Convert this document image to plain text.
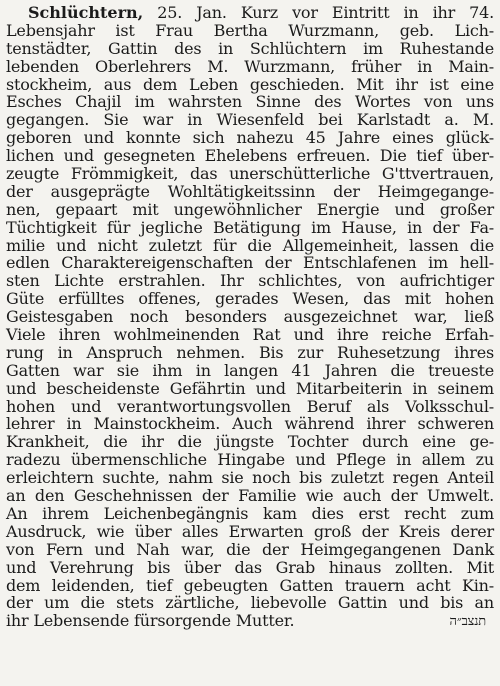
Schlüchtern, 25. Jan. Kurz vor Eintritt in ihr 74.
Lebensjahr ist Frau Bertha Wurzmann, geb. Lich-
tenstädter, Gattin des in Schlüchtern im Ruhestande
lebenden Oberlehrers M. Wurzmann, früher in Main-
stockheim, aus dem Leben geschieden. Mit ihr ist eine
Esches Chajil im wahrsten Sinne des Wortes von uns
gegangen. Sie war in Wiesenfeld bei Karlstadt a. M.
geboren und konnte sich nahezu 45 Jahre eines glück-
lichen und gesegneten Ehelebens erfreuen. Die tief über-
zeugte Frömmigkeit, das unerschütterliche G'ttvertrauen,
der ausgeprägte Wohltätigkeitssinn der Heimgegange-
nen, gepaart mit ungewöhnlicher Energie und großer
Tüchtigkeit für jegliche Betätigung im Hause, in der Fa-
milie und nicht zuletzt für die Allgemeinheit, lassen die
edlen Charaktereigenschaften der Entschlafenen im hell-
sten Lichte erstrahlen. Ihr schlichtes, von aufrichtiger
Güte erfülltes offenes, gerades Wesen, das mit hohen
Geistesgaben noch besonders ausgezeichnet war, ließ
Viele ihren wohlmeinenden Rat und ihre reiche Erfah-
rung in Anspruch nehmen. Bis zur Ruhesetzung ihres
Gatten war sie ihm in langen 41 Jahren die treueste
und bescheidenste Gefährtin und Mitarbeiterin in seinem
hohen und verantwortungsvollen Beruf als Volksschul-
lehrer in Mainstockheim. Auch während ihrer schweren
Krankheit, die ihr die jüngste Tochter durch eine ge-
radezu übermenschliche Hingabe und Pflege in allem zu
erleichtern suchte, nahm sie noch bis zuletzt regen Anteil
an den Geschehnissen der Familie wie auch der Umwelt.
An ihrem Leichenbegängnis kam dies erst recht zum
Ausdruck, wie über alles Erwarten groß der Kreis derer
von Fern und Nah war, die der Heimgegangenen Dank
und Verehrung bis über das Grab hinaus zollten. Mit
dem leidenden, tief gebeugten Gatten trauern acht Kin-
der um die stets zärtliche, liebevolle Gattin und bis an
ihr Lebensende fürsorgende Mutter.	תנצב״ה
